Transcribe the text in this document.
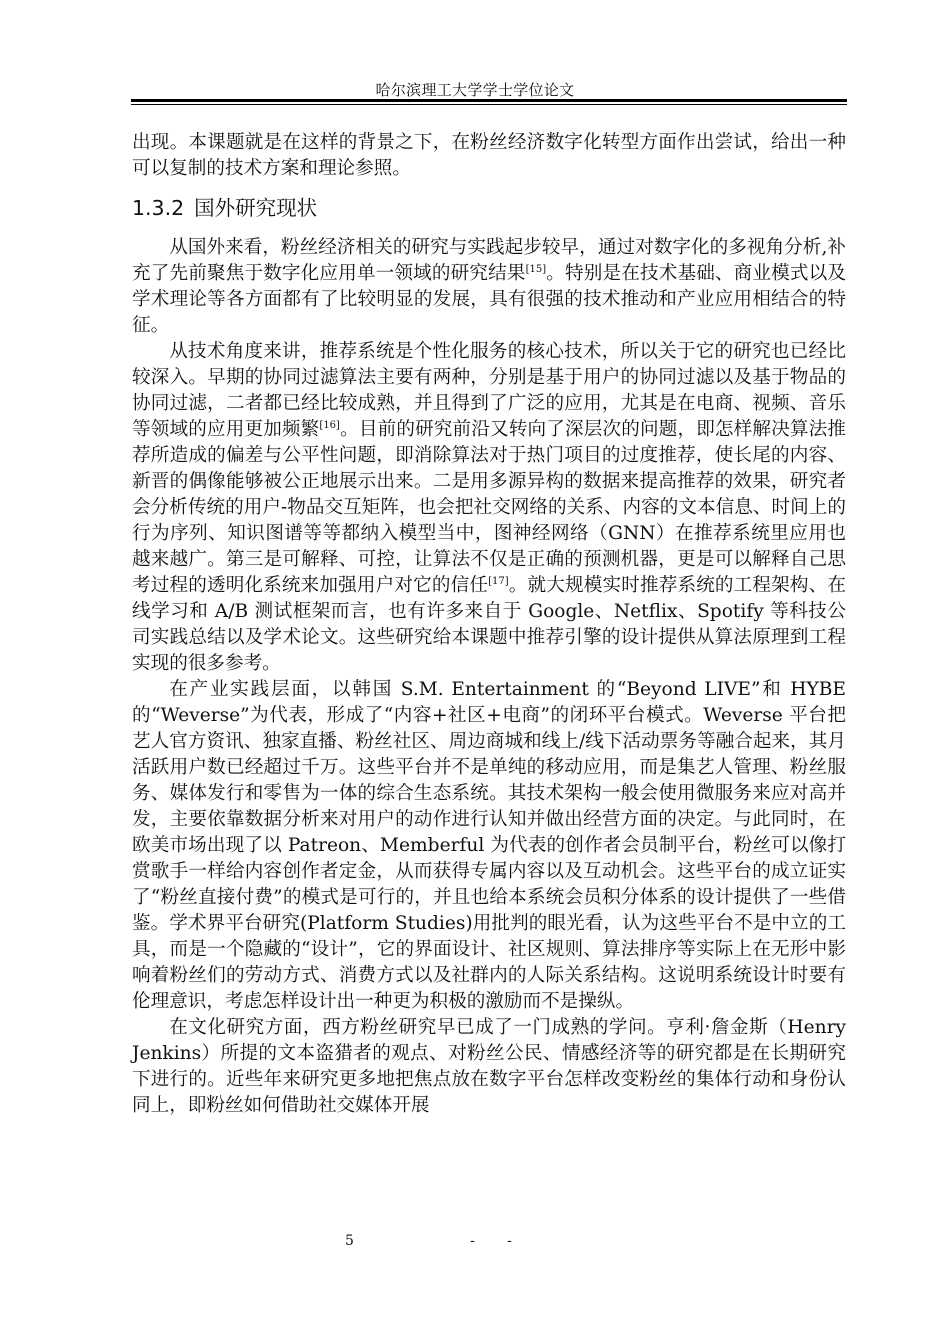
哈尔滨理工大学学士学位论文

出现。本课题就是在这样的背景之下，在粉丝经济数字化转型方面作出尝试，给出一种可以复制的技术方案和理论参照。

1.3.2 国外研究现状

从国外来看，粉丝经济相关的研究与实践起步较早，通过对数字化的多视角分析,补充了先前聚焦于数字化应用单一领域的研究结果[15]。特别是在技术基础、商业模式以及学术理论等各方面都有了比较明显的发展，具有很强的技术推动和产业应用相结合的特征。

从技术角度来讲，推荐系统是个性化服务的核心技术，所以关于它的研究也已经比较深入。早期的协同过滤算法主要有两种，分别是基于用户的协同过滤以及基于物品的协同过滤，二者都已经比较成熟，并且得到了广泛的应用，尤其是在电商、视频、音乐等领域的应用更加频繁[16]。目前的研究前沿又转向了深层次的问题，即怎样解决算法推荐所造成的偏差与公平性问题，即消除算法对于热门项目的过度推荐，使长尾的内容、新晋的偶像能够被公正地展示出来。二是用多源异构的数据来提高推荐的效果，研究者会分析传统的用户-物品交互矩阵，也会把社交网络的关系、内容的文本信息、时间上的行为序列、知识图谱等等都纳入模型当中，图神经网络（GNN）在推荐系统里应用也越来越广。第三是可解释、可控，让算法不仅是正确的预测机器，更是可以解释自己思考过程的透明化系统来加强用户对它的信任[17]。就大规模实时推荐系统的工程架构、在线学习和 A/B 测试框架而言，也有许多来自于 Google、Netflix、Spotify 等科技公司实践总结以及学术论文。这些研究给本课题中推荐引擎的设计提供从算法原理到工程实现的很多参考。

在产业实践层面，以韩国 S.M. Entertainment 的“Beyond LIVE”和 HYBE 的“Weverse”为代表，形成了“内容+社区+电商”的闭环平台模式。Weverse 平台把艺人官方资讯、独家直播、粉丝社区、周边商城和线上/线下活动票务等融合起来，其月活跃用户数已经超过千万。这些平台并不是单纯的移动应用，而是集艺人管理、粉丝服务、媒体发行和零售为一体的综合生态系统。其技术架构一般会使用微服务来应对高并发，主要依靠数据分析来对用户的动作进行认知并做出经营方面的决定。与此同时，在欧美市场出现了以 Patreon、Memberful 为代表的创作者会员制平台，粉丝可以像打赏歌手一样给内容创作者定金，从而获得专属内容以及互动机会。这些平台的成立证实了“粉丝直接付费”的模式是可行的，并且也给本系统会员积分体系的设计提供了一些借鉴。学术界平台研究(Platform Studies)用批判的眼光看，认为这些平台不是中立的工具，而是一个隐藏的“设计”，它的界面设计、社区规则、算法排序等实际上在无形中影响着粉丝们的劳动方式、消费方式以及社群内的人际关系结构。这说明系统设计时要有伦理意识，考虑怎样设计出一种更为积极的激励而不是操纵。

在文化研究方面，西方粉丝研究早已成了一门成熟的学问。亨利·詹金斯（Henry Jenkins）所提的文本盗猎者的观点、对粉丝公民、情感经济等的研究都是在长期研究下进行的。近些年来研究更多地把焦点放在数字平台怎样改变粉丝的集体行动和身份认同上，即粉丝如何借助社交媒体开展

5	- -
